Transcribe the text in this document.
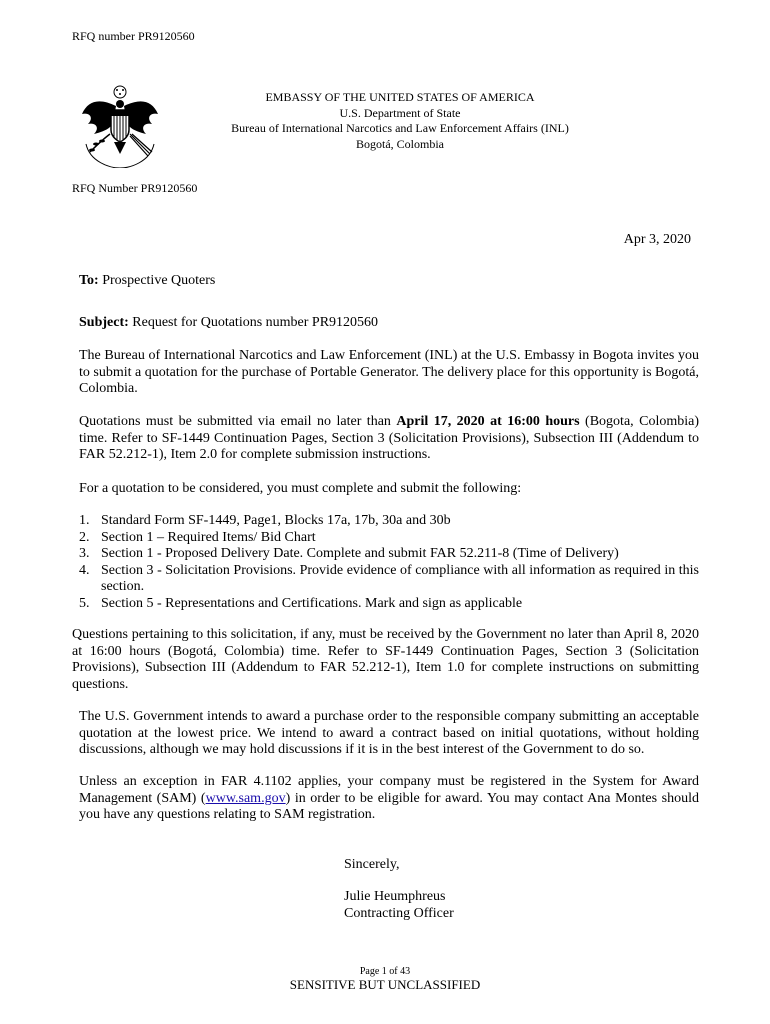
RFQ number PR9120560
EMBASSY OF THE UNITED STATES OF AMERICA
U.S. Department of State
Bureau of International Narcotics and Law Enforcement Affairs (INL)
Bogotá, Colombia
RFQ Number PR9120560
Apr 3, 2020
To: Prospective Quoters
Subject: Request for Quotations number PR9120560
The Bureau of International Narcotics and Law Enforcement (INL) at the U.S. Embassy in Bogota invites you to submit a quotation for the purchase of Portable Generator. The delivery place for this opportunity is Bogotá, Colombia.
Quotations must be submitted via email no later than April 17, 2020 at 16:00 hours (Bogota, Colombia) time. Refer to SF-1449 Continuation Pages, Section 3 (Solicitation Provisions), Subsection III (Addendum to FAR 52.212-1), Item 2.0 for complete submission instructions.
For a quotation to be considered, you must complete and submit the following:
1. Standard Form SF-1449, Page1, Blocks 17a, 17b, 30a and 30b
2. Section 1 – Required Items/ Bid Chart
3. Section 1 - Proposed Delivery Date. Complete and submit FAR 52.211-8 (Time of Delivery)
4. Section 3 - Solicitation Provisions. Provide evidence of compliance with all information as required in this section.
5. Section 5 - Representations and Certifications. Mark and sign as applicable
Questions pertaining to this solicitation, if any, must be received by the Government no later than April 8, 2020 at 16:00 hours (Bogotá, Colombia) time. Refer to SF-1449 Continuation Pages, Section 3 (Solicitation Provisions), Subsection III (Addendum to FAR 52.212-1), Item 1.0 for complete instructions on submitting questions.
The U.S. Government intends to award a purchase order to the responsible company submitting an acceptable quotation at the lowest price. We intend to award a contract based on initial quotations, without holding discussions, although we may hold discussions if it is in the best interest of the Government to do so.
Unless an exception in FAR 4.1102 applies, your company must be registered in the System for Award Management (SAM) (www.sam.gov) in order to be eligible for award. You may contact Ana Montes should you have any questions relating to SAM registration.
Sincerely,
Julie Heumphreus
Contracting Officer
Page 1 of 43
SENSITIVE BUT UNCLASSIFIED
